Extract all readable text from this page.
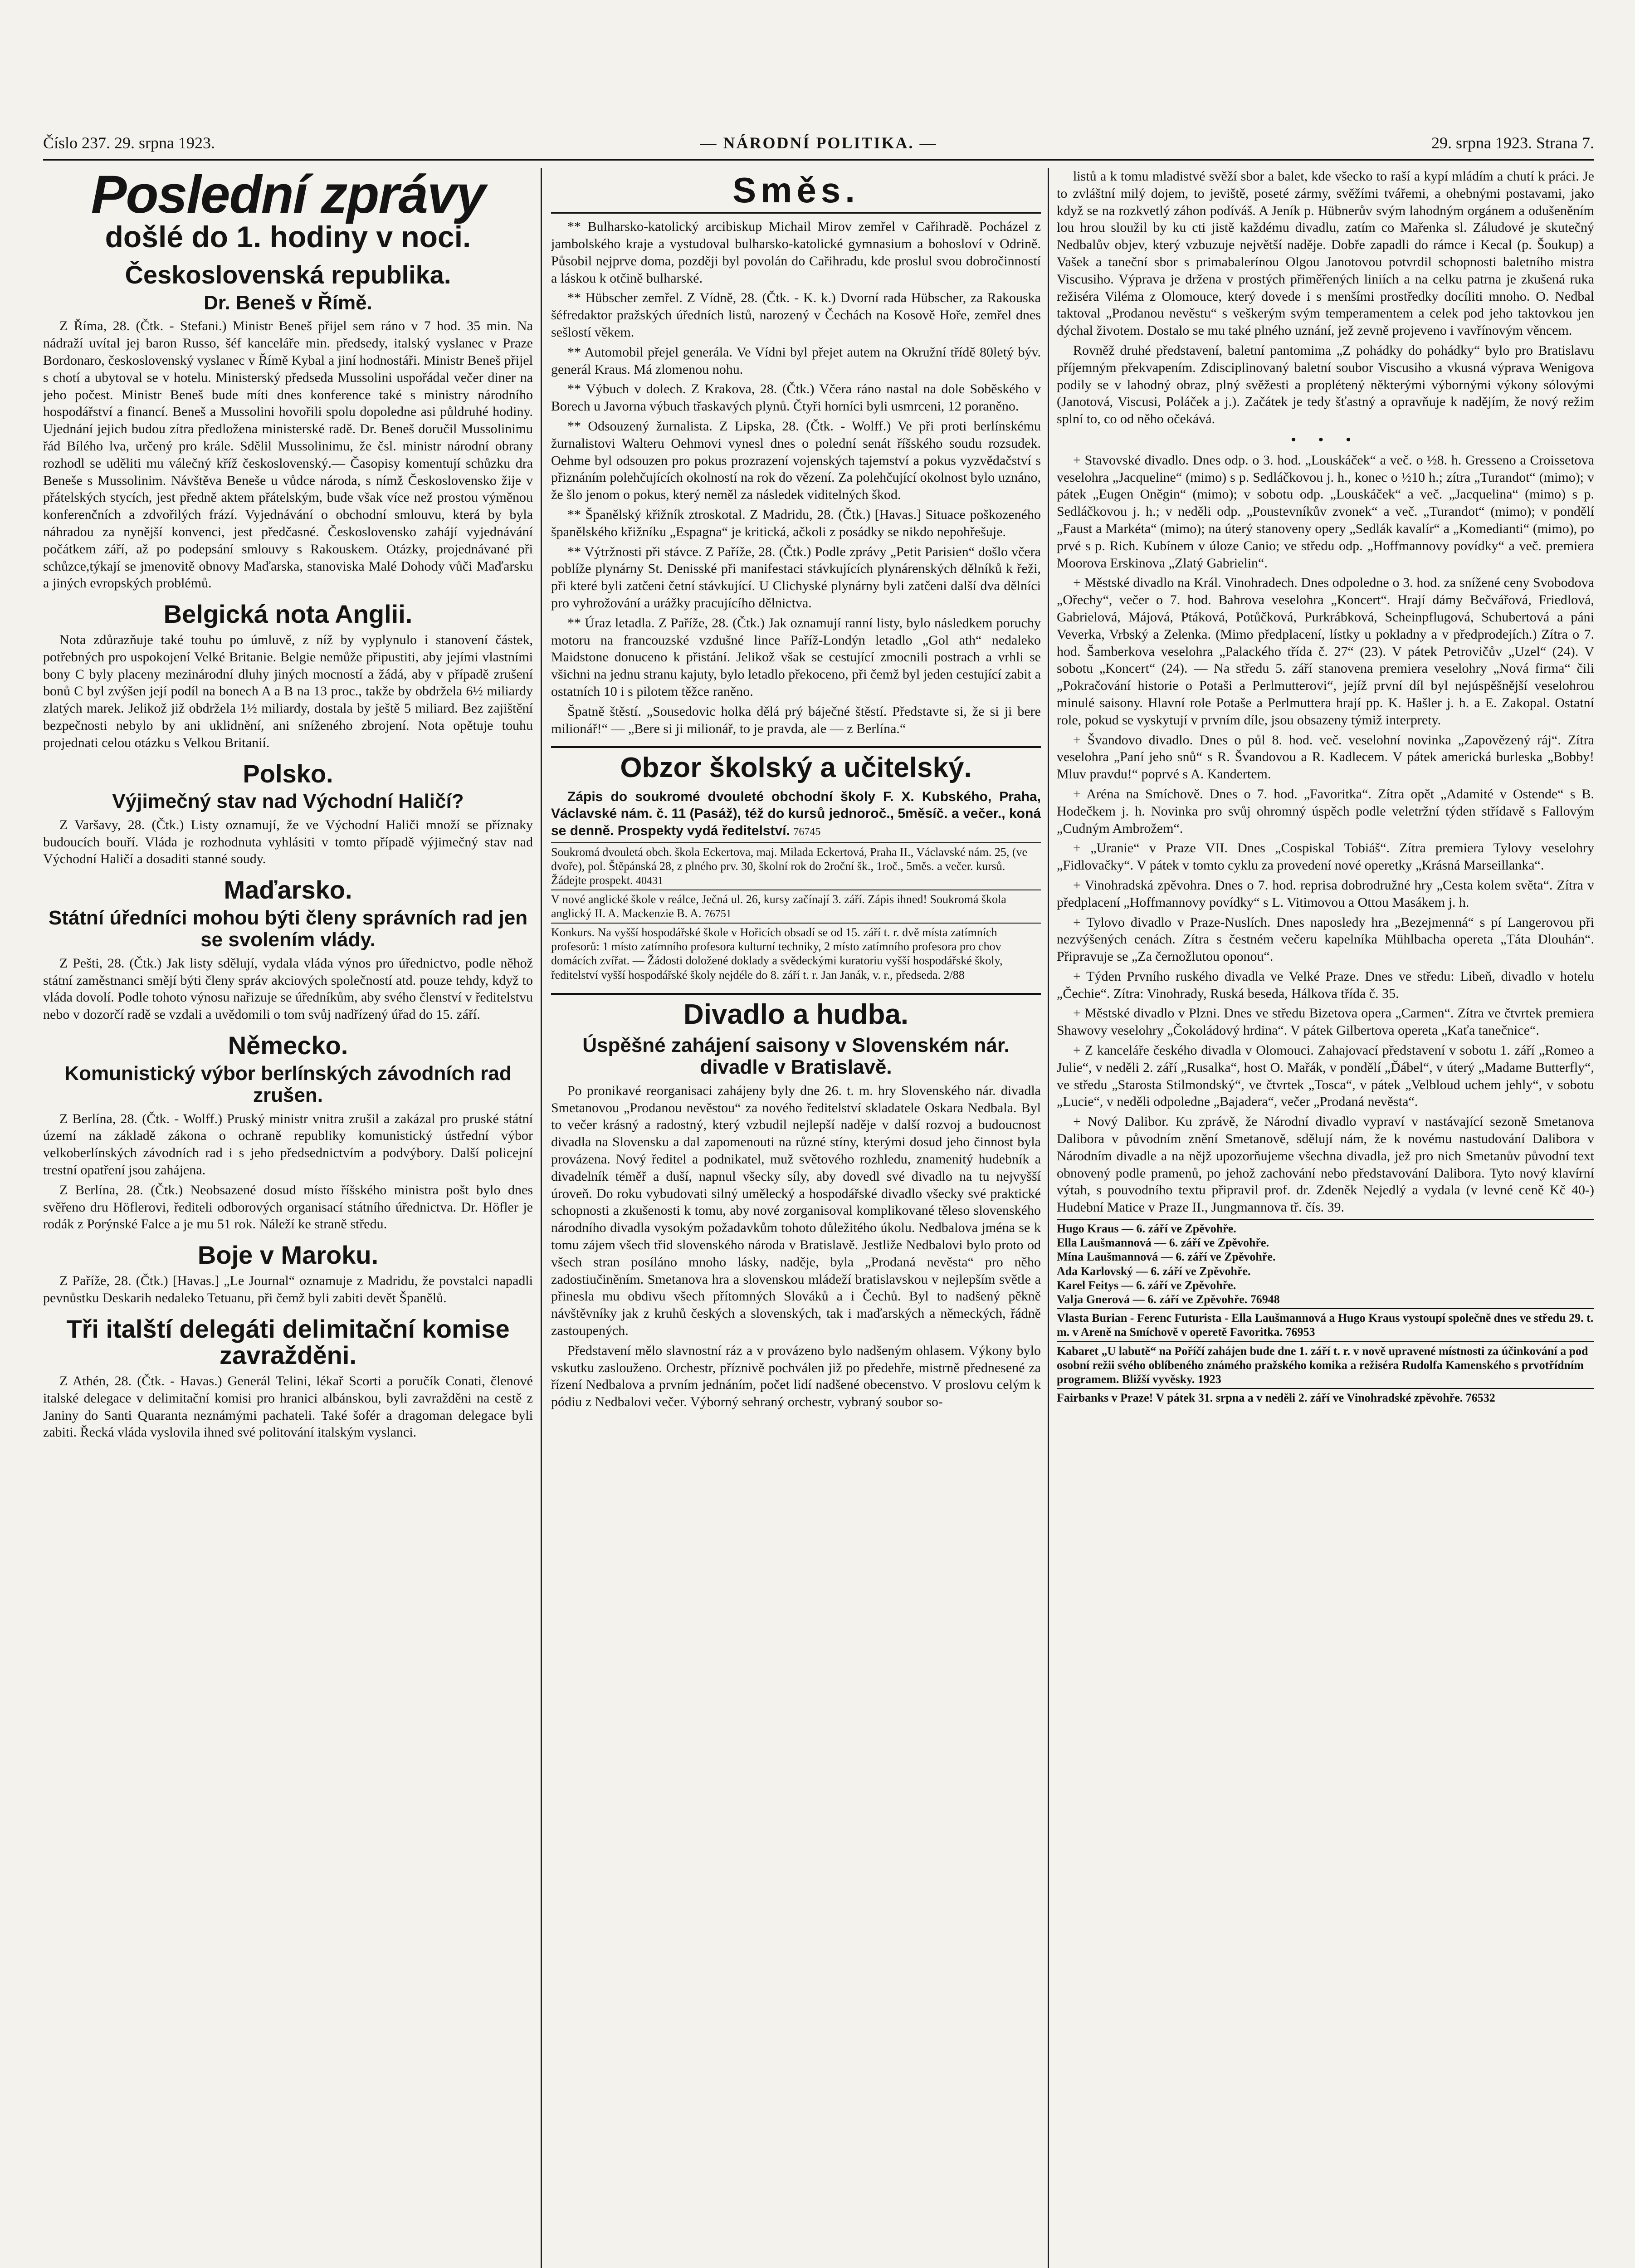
Číslo 237. 29. srpna 1923.	— NÁRODNÍ POLITIKA. —	29. srpna 1923. Strana 7.
Poslední zprávy
došlé do 1. hodiny v noci.
Československá republika.
Dr. Beneš v Římě.

Z Říma, 28. (Čtk. - Stefani.) Ministr Beneš přijel sem ráno v 7 hod. 35 min. Na nádraží uvítal jej baron Russo, šéf kanceláře min. předsedy, italský vyslanec v Praze Bordonaro, československý vyslanec v Římě Kybal a jiní hodnostáři. Ministr Beneš přijel s chotí a ubytoval se v hotelu. Ministerský předseda Mussolini uspořádal večer diner na jeho počest. Ministr Beneš bude míti dnes konference také s ministry národního hospodářství a financí. Beneš a Mussolini hovořili spolu dopoledne asi půldruhé hodiny. Ujednání jejich budou zítra předložena ministerské radě. Dr. Beneš doručil Mussolinimu řád Bílého lva, určený pro krále. Sdělil Mussolinimu, že čsl. ministr národní obrany rozhodl se uděliti mu válečný kříž československý.— Časopisy komentují schůzku dra Beneše s Mussolinim. Návštěva Beneše u vůdce národa, s nímž Československo žije v přátelských stycích, jest předně aktem přátelským, bude však více než prostou výměnou konferenčních a zdvořilých frází. Vyjednávání o obchodní smlouvu, která by byla náhradou za nynější konvenci, jest předčasné. Československo zahájí vyjednávání počátkem září, až po podepsání smlouvy s Rakouskem. Otázky, projednávané při schůzce,týkají se jmenovitě obnovy Maďarska, stanoviska Malé Dohody vůči Maďarsku a jiných evropských problémů.

Belgická nota Anglii.

Nota zdůrazňuje také touhu po úmluvě, z níž by vyplynulo i stanovení částek, potřebných pro uspokojení Velké Britanie. Belgie nemůže připustiti, aby jejími vlastními bony C byly placeny mezinárodní dluhy jiných mocností a žádá, aby v případě zrušení bonů C byl zvýšen její podíl na bonech A a B na 13 proc., takže by obdržela 6½ miliardy zlatých marek. Jelikož již obdržela 1½ miliardy, dostala by ještě 5 miliard. Bez zajištění bezpečnosti nebylo by ani uklidnění, ani sníženého zbrojení. Nota opětuje touhu projednati celou otázku s Velkou Britanií.

Polsko.
Výjimečný stav nad Východní Haličí?

Z Varšavy, 28. (Čtk.) Listy oznamují, že ve Východní Haliči množí se příznaky budoucích bouří. Vláda je rozhodnuta vyhlásiti v tomto případě výjimečný stav nad Východní Haličí a dosaditi stanné soudy.

Maďarsko.
Státní úředníci mohou býti členy správních rad jen se svolením vlády.

Z Pešti, 28. (Čtk.) Jak listy sdělují, vydala vláda výnos pro úřednictvo, podle něhož státní zaměstnanci smějí býti členy správ akciových společností atd. pouze tehdy, když to vláda dovolí. Podle tohoto výnosu nařizuje se úředníkům, aby svého členství v ředitelstvu nebo v dozorčí radě se vzdali a uvědomili o tom svůj nadřízený úřad do 15. září.

Německo.
Komunistický výbor berlínských závodních rad zrušen.

Z Berlína, 28. (Čtk. - Wolff.) Pruský ministr vnitra zrušil a zakázal pro pruské státní území na základě zákona o ochraně republiky komunistický ústřední výbor velkoberlínských závodních rad i s jeho předsednictvím a podvýbory. Další policejní trestní opatření jsou zahájena.

Z Berlína, 28. (Čtk.) Neobsazené dosud místo říšského ministra pošt bylo dnes svěřeno dru Höflerovi, řediteli odborových organisací státního úřednictva. Dr. Höfler je rodák z Porýnské Falce a je mu 51 rok. Náleží ke straně středu.

Boje v Maroku.

Z Paříže, 28. (Čtk.) [Havas.] „Le Journal“ oznamuje z Madridu, že povstalci napadli pevnůstku Deskarih nedaleko Tetuanu, při čemž byli zabiti devět Španělů.

Tři italští delegáti delimitační komise zavražděni.

Z Athén, 28. (Čtk. - Havas.) Generál Telini, lékař Scorti a poručík Conati, členové italské delegace v delimitační komisi pro hranici albánskou, byli zavražděni na cestě z Janiny do Santi Quaranta neznámými pachateli. Také šofér a dragoman delegace byli zabiti. Řecká vláda vyslovila ihned své politování italským vyslanci.

Směs.

** Bulharsko-katolický arcibiskup Michail Mirov zemřel v Cařihradě. Pocházel z jambolského kraje a vystudoval bulharsko-katolické gymnasium a bohosloví v Odrině. Působil nejprve doma, později byl povolán do Cařihradu, kde proslul svou dobročinností a láskou k otčině bulharské.

** Hübscher zemřel. Z Vídně, 28. (Čtk. - K. k.) Dvorní rada Hübscher, za Rakouska šéfredaktor pražských úředních listů, narozený v Čechách na Kosově Hoře, zemřel dnes sešlostí věkem.

** Automobil přejel generála. Ve Vídni byl přejet autem na Okružní třídě 80letý býv. generál Kraus. Má zlomenou nohu.

** Výbuch v dolech. Z Krakova, 28. (Čtk.) Včera ráno nastal na dole Soběského v Borech u Javorna výbuch třaskavých plynů. Čtyři horníci byli usmrceni, 12 poraněno.

** Odsouzený žurnalista. Z Lipska, 28. (Čtk. - Wolff.) Ve při proti berlínskému žurnalistovi Walteru Oehmovi vynesl dnes o polední senát říšského soudu rozsudek. Oehme byl odsouzen pro pokus prozrazení vojenských tajemství a pokus vyzvědačství s přiznáním polehčujících okolností na rok do vězení. Za polehčující okolnost bylo uznáno, že šlo jenom o pokus, který neměl za následek viditelných škod.

** Španělský křižník ztroskotal. Z Madridu, 28. (Čtk.) [Havas.] Situace poškozeného španělského křižníku „Espagna“ je kritická, ačkoli z posádky se nikdo nepohřešuje.

** Výtržnosti při stávce. Z Paříže, 28. (Čtk.) Podle zprávy „Petit Parisien“ došlo včera poblíže plynárny St. Denisské při manifestaci stávkujících plynárenských dělníků k řeži, při které byli zatčeni četní stávkující. U Clichyské plynárny byli zatčeni další dva dělníci pro vyhrožování a urážky pracujícího dělnictva.

** Úraz letadla. Z Paříže, 28. (Čtk.) Jak oznamují ranní listy, bylo následkem poruchy motoru na francouzské vzdušné lince Paříž-Londýn letadlo „Gol ath“ nedaleko Maidstone donuceno k přistání. Jelikož však se cestující zmocnili postrach a vrhli se všichni na jednu stranu kajuty, bylo letadlo překoceno, při čemž byl jeden cestující zabit a ostatních 10 i s pilotem těžce raněno.

Špatně štěstí. „Sousedovic holka dělá prý báječné štěstí. Představte si, že si ji bere milionář!“ — „Bere si ji milionář, to je pravda, ale — z Berlína.“

Obzor školský a učitelský.

Zápis do soukromé dvouleté obchodní školy F. X. Kubského, Praha, Václavské nám. č. 11 (Pasáž), též do kursů jednoroč., 5měsíč. a večer., koná se denně. Prospekty vydá ředitelství. 76745

Soukromá dvouletá obch. škola Eckertova, maj. Milada Eckertová, Praha II., Václavské nám. 25, (ve dvoře), pol. Štěpánská 28, z plného prv. 30, školní rok do 2roční šk., 1roč., 5měs. a večer. kursů. Žádejte prospekt. 40431
V nové anglické škole v reálce, Ječná ul. 26, kursy začínají 3. září. Zápis ihned! Soukromá škola anglický II. A. Mackenzie B. A. 76751
Konkurs. Na vyšší hospodářské škole v Hořicích obsadí se od 15. září t. r. dvě místa zatímních profesorů: 1 místo zatímního profesora kulturní techniky, 2 místo zatímního profesora pro chov domácích zvířat. — Žádosti doložené doklady a svědeckými kuratoriu vyšší hospodářské školy, ředitelství vyšší hospodářské školy nejdéle do 8. září t. r. Jan Janák, v. r., předseda. 2/88
Divadlo a hudba.
Úspěšné zahájení saisony v Slovenském nár. divadle v Bratislavě.

Po pronikavé reorganisaci zahájeny byly dne 26. t. m. hry Slovenského nár. divadla Smetanovou „Prodanou nevěstou“ za novéhо ředitelství skladatele Oskara Nedbala. Byl to večer krásný a radostný, který vzbudil nejlepší naděje v další rozvoj a budoucnost divadla na Slovensku a dal zapomenouti na různé stíny, kterými dosud jeho činnost byla provázena. Nový ředitel a podnikatel, muž světového rozhledu, znamenitý hudebník a divadelník téměř a duší, napnul všecky síly, aby dovedl své divadlo na tu nejvyšší úroveň. Do roku vybudovati silný umělecký a hospodářské divadlo všecky své praktické schopnosti a zkušenosti k tomu, aby nové zorganisoval komplikované těleso slovenského národního divadla vysokým požadavkům tohoto důležitého úkolu. Nedbalova jména se k tomu zájem všech třid slovenského národa v Bratislavě. Jestliže Nedbalovi bylo proto od všech stran posíláno mnoho lásky, naděje, byla „Prodaná nevěsta“ pro něho zadostiučiněním. Smetanova hra a slovenskou mládeží bratislavskou v nejlepším světle a přinesla mu obdivu všech přítomných Slováků a i Čechů. Byl to nadšený pěkně návštěvníky jak z kruhů českých a slovenských, tak i maďarských a německých, řádně zastoupených.

Představení mělo slavnostní ráz a v provázeno bylo nadšeným ohlasem. Výkony bylo vskutku zaslouženo. Orchestr, příznivě pochválen již po předehře, mistrně přednesené za řízení Nedbalova a prvním jednáním, počet lidí nadšené obecenstvo. V proslovu celým k pódiu z Nedbalovi večer. Výborný sehraný orchestr, vybraný soubor so-

listů a k tomu mladistvé svěží sbor a balet, kde všecko to raší a kypí mládím a chutí k práci. Je to zvláštní milý dojem, to jeviště, poseté zármy, svěžími tvářemi, a ohebnými postavami, jako když se na rozkvetlý záhon podíváš. A Jeník p. Hübnerův svým lahodným orgánem a odušeněním lou hrou sloužil by ku cti jistě každému divadlu, zatím co Mařenka sl. Záludové je skutečný Nedbalův objev, který vzbuzuje největší naděje. Dobře zapadli do rámce i Kecal (p. Šoukup) a Vašek a taneční sbor s primabalerínou Olgou Janotovou potvrdil schopnosti baletního mistra Viscusiho. Výprava je držena v prostých přiměřených liniích a na celku patrna je zkušená ruka režiséra Viléma z Olomouce, který dovede i s menšími prostředky docíliti mnoho. O. Nedbal taktoval „Prodanou nevěstu“ s veškerým svým temperamentem a celek pod jeho taktovkou jen dýchal životem. Dostalo se mu také plného uznání, jež zevně projeveno i vavřínovým věncem.

Rovněž druhé představení, baletní pantomima „Z pohádky do pohádky“ bylo pro Bratislavu příjemným překvapením. Zdisciplinovaný baletní soubor Viscusiho a vkusná výprava Wenigova podily se v lahodný obraz, plný svěžesti a proplétený některými výbornými výkony sólovými (Janotová, Viscusi, Poláček a j.). Začátek je tedy šťastný a opravňuje k nadějím, že nový režim splní to, co od něho očekává.

• • •

+ Stavovské divadlo. Dnes odp. o 3. hod. „Louskáček“ a več. o ½8. h. Gresseno a Croissetova veselohra „Jacqueline“ (mimo) s p. Sedláčkovou j. h., konec o ½10 h.; zítra „Turandot“ (mimo); v pátek „Eugen Oněgin“ (mimo); v sobotu odp. „Louskáček“ a več. „Jacquelina“ (mimo) s p. Sedláčkovou j. h.; v neděli odp. „Poustevníkův zvonek“ a več. „Turandot“ (mimo); v pondělí „Faust a Markéta“ (mimo); na úterý stanoveny opery „Sedlák kavalír“ a „Komedianti“ (mimo), po prvé s p. Rich. Kubínem v úloze Canio; ve středu odp. „Hoffmannovy povídky“ a več. premiera Moorova Erskinova „Zlatý Gabrielin“.

+ Městské divadlo na Král. Vinohradech. Dnes odpoledne o 3. hod. za snížené ceny Svobodova „Ořechy“, večer o 7. hod. Bahrova veselohra „Koncert“. Hrají dámy Bečvářová, Friedlová, Gabrielová, Májová, Ptáková, Potůčková, Purkrábková, Scheinpflugová, Schubertová a páni Veverka, Vrbský a Zelenka. (Mimo předplacení, lístky u pokladny a v předprodejích.) Zítra o 7. hod. Šamberkova veselohra „Palackého třída č. 27“ (23). V pátek Petrovičův „Uzel“ (24). V sobotu „Koncert“ (24). — Na středu 5. září stanovena premiera veselohry „Nová firma“ čili „Pokračování historie o Potaši a Perlmutterovi“, jejíž první díl byl nejúspěšnější veselohrou minulé saisony. Hlavní role Potaše a Perlmuttera hrají pp. K. Hašler j. h. a E. Zakopal. Ostatní role, pokud se vyskytují v prvním díle, jsou obsazeny týmiž interprety.

+ Švandovo divadlo. Dnes o půl 8. hod. več. veselohní novinka „Zapovězený ráj“. Zítra veselohra „Paní jeho snů“ s R. Švandovou a R. Kadlecem. V pátek americká burleska „Bobby! Mluv pravdu!“ poprvé s A. Kandertem.

+ Aréna na Smíchově. Dnes o 7. hod. „Favoritka“. Zítra opět „Adamité v Ostende“ s B. Hodečkem j. h. Novinka pro svůj ohromný úspěch podle veletržní týden střídavě s Fallovým „Cudným Ambrožem“.

+ „Uranie“ v Praze VII. Dnes „Cospiskal Tobiáš“. Zítra premiera Tylovy veselohry „Fidlovačky“. V pátek v tomto cyklu za provedení nové operetky „Krásná Marseillanka“.

+ Vinohradská zpěvohra. Dnes o 7. hod. reprisa dobrodružné hry „Cesta kolem světa“. Zítra v předplacení „Hoffmannovy povídky“ s L. Vitimovou a Ottou Masákem j. h.

+ Tylovo divadlo v Praze-Nuslích. Dnes naposledy hra „Bezejmenná“ s pí Langerovou při nezvýšených cenách. Zítra s čestném večeru kapelníka Mühlbacha opereta „Táta Dlouhán“. Připravuje se „Za černožlutou oponou“.

+ Týden Prvního ruského divadla ve Velké Praze. Dnes ve středu: Libeň, divadlo v hotelu „Čechie“. Zítra: Vinohrady, Ruská beseda, Hálkova třída č. 35.

+ Městské divadlo v Plzni. Dnes ve středu Bizetova opera „Carmen“. Zítra ve čtvrtek premiera Shawovy veselohry „Čokoládový hrdina“. V pátek Gilbertova opereta „Kaťa tanečnice“.

+ Z kanceláře českého divadla v Olomouci. Zahajovací představení v sobotu 1. září „Romeo a Julie“, v neděli 2. září „Rusalka“, host O. Mařák, v pondělí „Ďábel“, v úterý „Madame Butterfly“, ve středu „Starosta Stilmondský“, ve čtvrtek „Tosca“, v pátek „Velbloud uchem jehly“, v sobotu „Lucie“, v neděli odpoledne „Bajadera“, večer „Prodaná nevěsta“.

+ Nový Dalibor. Ku zprávě, že Národní divadlo vypraví v nastávající sezoně Smetanova Dalibora v původním znění Smetanově, sdělují nám, že k novému nastudování Daliborа v Národním divadle a na nějž upozorňujeme všechna divadla, jež pro nich Smetanův původní text obnovený podle pramenů, po jehož zachování nebo představování Dalibora. Tyto nový klavírní výtah, s pouvodního textu připravil prof. dr. Zdeněk Nejedlý a vydala (v levné ceně Kč 40-) Hudební Matice v Praze II., Jungmannova tř. čís. 39.

Hugo Kraus — 6. září ve Zpěvohře.
Ella Laušmannová — 6. září ve Zpěvohře.
Mína Laušmannová — 6. září ve Zpěvohře.
Ada Karlovský — 6. září ve Zpěvohře.
Karel Feitys — 6. září ve Zpěvohře.
Valja Gnerová — 6. září ve Zpěvohře. 76948
Vlasta Burian - Ferenc Futurista - Ella Laušmannová a Hugo Kraus vystoupí společně dnes ve středu 29. t. m. v Areně na Smíchově v operetě Favoritka. 76953
Kabaret „U labutě“ na Poříčí zahájen bude dne 1. září t. r. v nově upravené místnosti za účinkování a pod osobní režii svého oblíbeného známého pražského komika a režiséra Rudolfa Kamenského s prvotřídním programem. Bližší vyvěsky. 1923
Fairbanks v Praze! V pátek 31. srpna a v neděli 2. září ve Vinohradské zpěvohře. 76532
